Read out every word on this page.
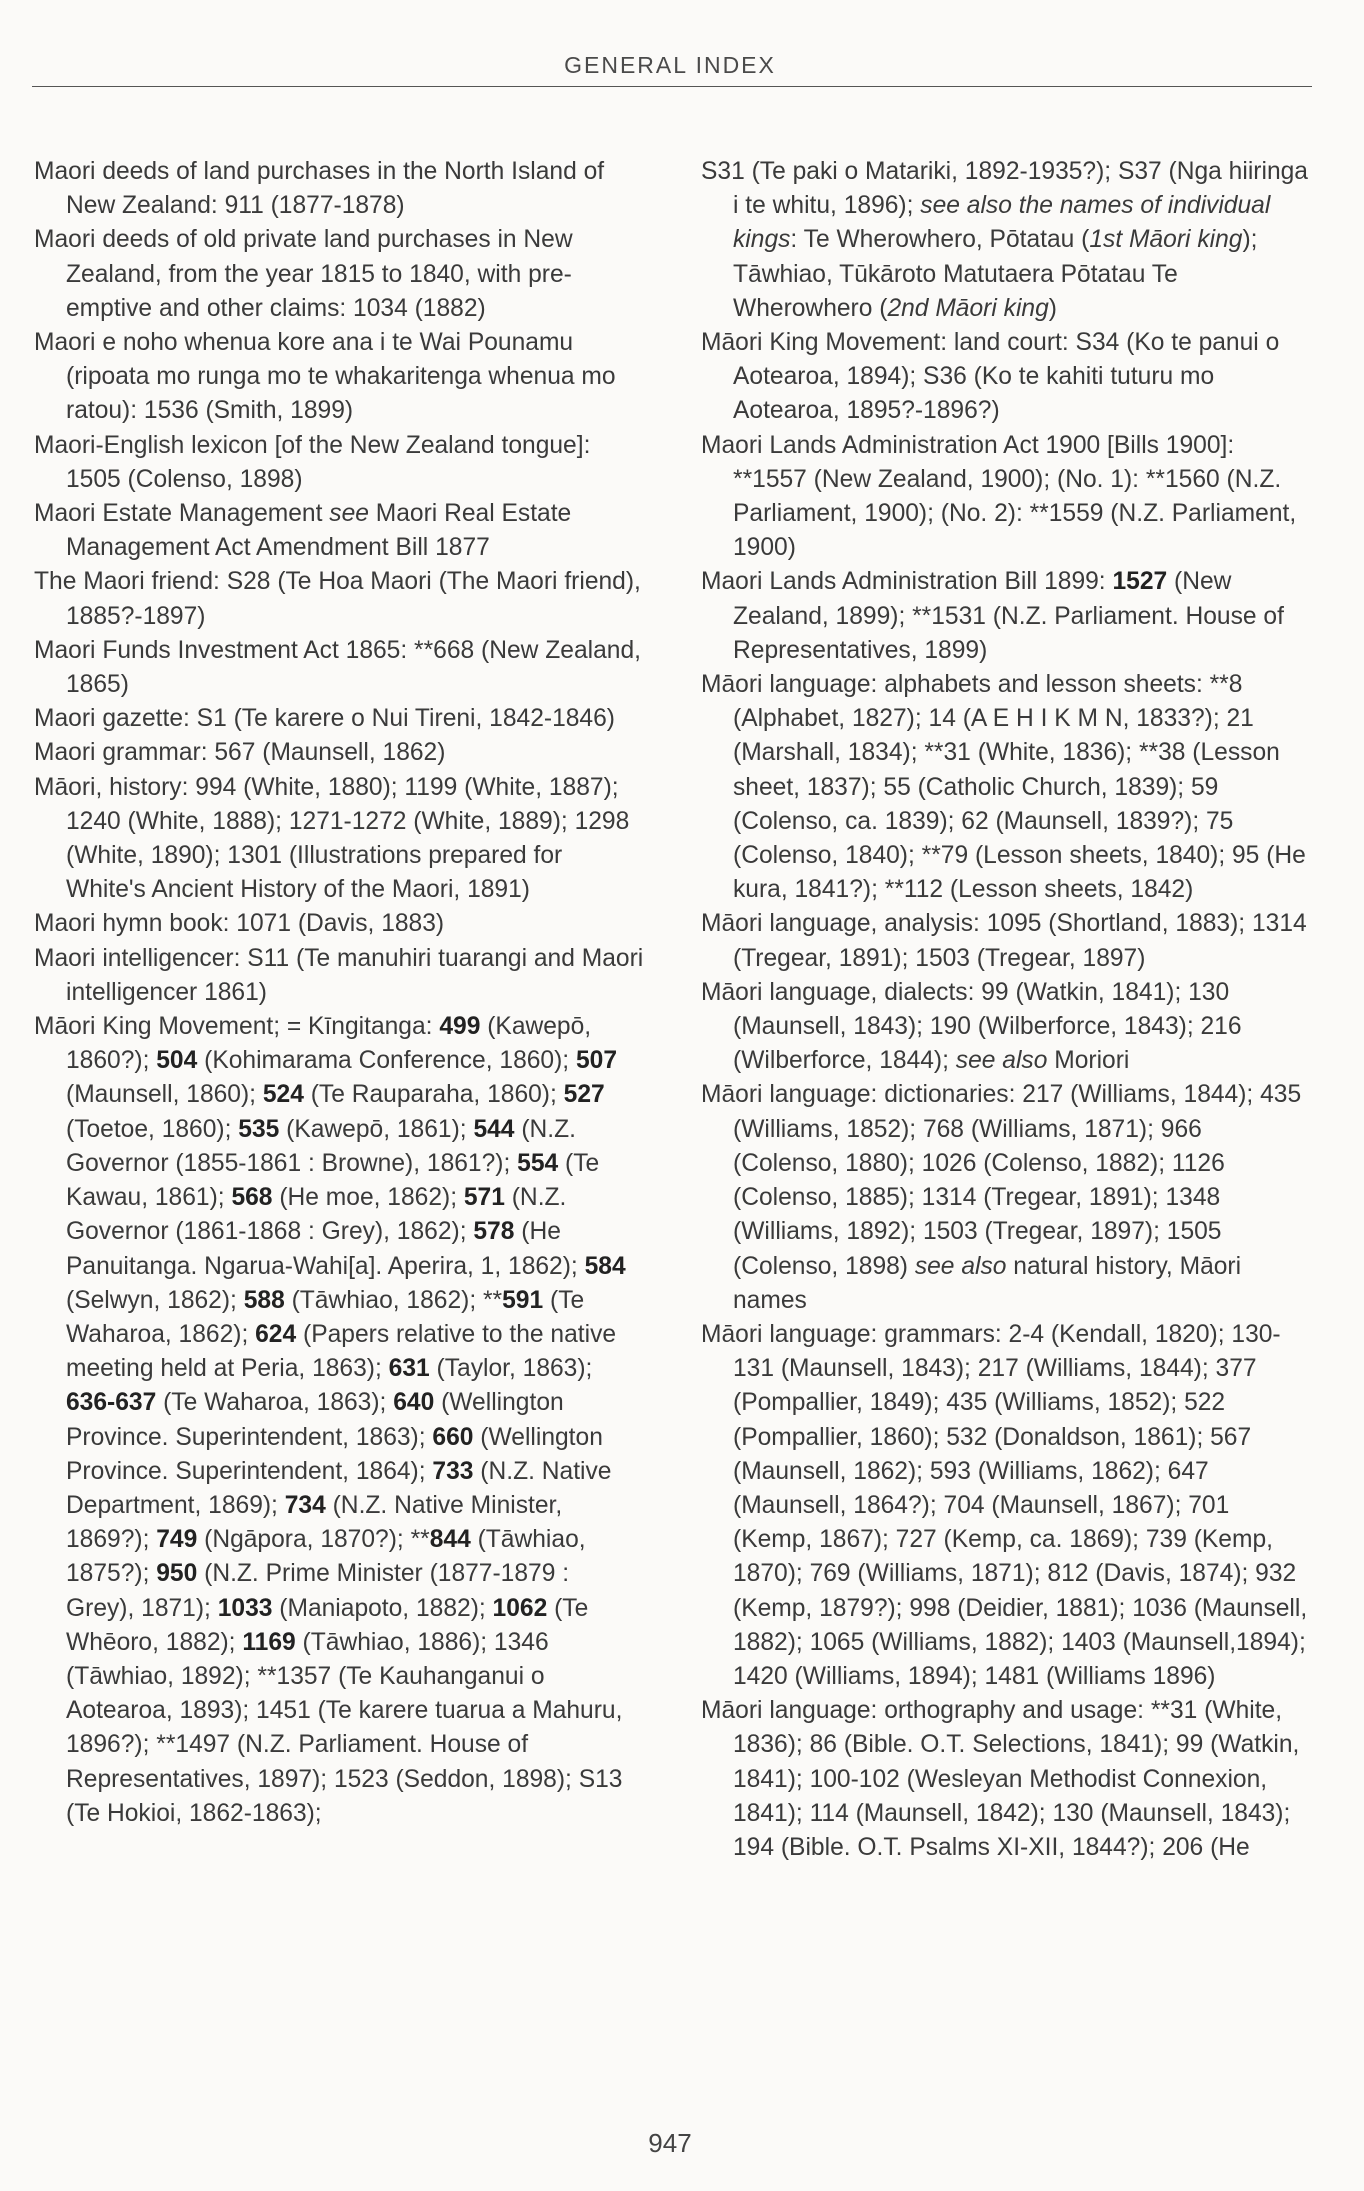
GENERAL INDEX

Maori deeds of land purchases in the North Island of New Zealand: 911 (1877-1878)

Maori deeds of old private land purchases in New Zealand, from the year 1815 to 1840, with pre-emptive and other claims: 1034 (1882)

Maori e noho whenua kore ana i te Wai Pounamu (ripoata mo runga mo te whakaritenga whenua mo ratou): 1536 (Smith, 1899)

Maori-English lexicon [of the New Zealand tongue]: 1505 (Colenso, 1898)

Maori Estate Management see Maori Real Estate Management Act Amendment Bill 1877

The Maori friend: S28 (Te Hoa Maori (The Maori friend), 1885?-1897)

Maori Funds Investment Act 1865: **668 (New Zealand, 1865)

Maori gazette: S1 (Te karere o Nui Tireni, 1842-1846)

Maori grammar: 567 (Maunsell, 1862)

Māori, history: 994 (White, 1880); 1199 (White, 1887); 1240 (White, 1888); 1271-1272 (White, 1889); 1298 (White, 1890); 1301 (Illustrations prepared for White's Ancient History of the Maori, 1891)

Maori hymn book: 1071 (Davis, 1883)

Maori intelligencer: S11 (Te manuhiri tuarangi and Maori intelligencer 1861)

Māori King Movement; = Kīngitanga: 499 (Kawepō, 1860?); 504 (Kohimarama Conference, 1860); 507 (Maunsell, 1860); 524 (Te Rauparaha, 1860); 527 (Toetoe, 1860); 535 (Kawepō, 1861); 544 (N.Z. Governor (1855-1861 : Browne), 1861?); 554 (Te Kawau, 1861); 568 (He moe, 1862); 571 (N.Z. Governor (1861-1868 : Grey), 1862); 578 (He Panuitanga. Ngarua-Wahi[a]. Aperira, 1, 1862); 584 (Selwyn, 1862); 588 (Tāwhiao, 1862); **591 (Te Waharoa, 1862); 624 (Papers relative to the native meeting held at Peria, 1863); 631 (Taylor, 1863); 636-637 (Te Waharoa, 1863); 640 (Wellington Province. Superintendent, 1863); 660 (Wellington Province. Superintendent, 1864); 733 (N.Z. Native Department, 1869); 734 (N.Z. Native Minister, 1869?); 749 (Ngāpora, 1870?); **844 (Tāwhiao, 1875?); 950 (N.Z. Prime Minister (1877-1879 : Grey), 1871); 1033 (Maniapoto, 1882); 1062 (Te Whēoro, 1882); 1169 (Tāwhiao, 1886); 1346 (Tāwhiao, 1892); **1357 (Te Kauhanganui o Aotearoa, 1893); 1451 (Te karere tuarua a Mahuru, 1896?); **1497 (N.Z. Parliament. House of Representatives, 1897); 1523 (Seddon, 1898); S13 (Te Hokioi, 1862-1863);

S31 (Te paki o Matariki, 1892-1935?); S37 (Nga hiiringa i te whitu, 1896); see also the names of individual kings: Te Wherowhero, Pōtatau (1st Māori king); Tāwhiao, Tūkāroto Matutaera Pōtatau Te Wherowhero (2nd Māori king)

Māori King Movement: land court: S34 (Ko te panui o Aotearoa, 1894); S36 (Ko te kahiti tuturu mo Aotearoa, 1895?-1896?)

Maori Lands Administration Act 1900 [Bills 1900]: **1557 (New Zealand, 1900); (No. 1): **1560 (N.Z. Parliament, 1900); (No. 2): **1559 (N.Z. Parliament, 1900)

Maori Lands Administration Bill 1899: 1527 (New Zealand, 1899); **1531 (N.Z. Parliament. House of Representatives, 1899)

Māori language: alphabets and lesson sheets: **8 (Alphabet, 1827); 14 (A E H I K M N, 1833?); 21 (Marshall, 1834); **31 (White, 1836); **38 (Lesson sheet, 1837); 55 (Catholic Church, 1839); 59 (Colenso, ca. 1839); 62 (Maunsell, 1839?); 75 (Colenso, 1840); **79 (Lesson sheets, 1840); 95 (He kura, 1841?); **112 (Lesson sheets, 1842)

Māori language, analysis: 1095 (Shortland, 1883); 1314 (Tregear, 1891); 1503 (Tregear, 1897)

Māori language, dialects: 99 (Watkin, 1841); 130 (Maunsell, 1843); 190 (Wilberforce, 1843); 216 (Wilberforce, 1844); see also Moriori

Māori language: dictionaries: 217 (Williams, 1844); 435 (Williams, 1852); 768 (Williams, 1871); 966 (Colenso, 1880); 1026 (Colenso, 1882); 1126 (Colenso, 1885); 1314 (Tregear, 1891); 1348 (Williams, 1892); 1503 (Tregear, 1897); 1505 (Colenso, 1898) see also natural history, Māori names

Māori language: grammars: 2-4 (Kendall, 1820); 130-131 (Maunsell, 1843); 217 (Williams, 1844); 377 (Pompallier, 1849); 435 (Williams, 1852); 522 (Pompallier, 1860); 532 (Donaldson, 1861); 567 (Maunsell, 1862); 593 (Williams, 1862); 647 (Maunsell, 1864?); 704 (Maunsell, 1867); 701 (Kemp, 1867); 727 (Kemp, ca. 1869); 739 (Kemp, 1870); 769 (Williams, 1871); 812 (Davis, 1874); 932 (Kemp, 1879?); 998 (Deidier, 1881); 1036 (Maunsell, 1882); 1065 (Williams, 1882); 1403 (Maunsell,1894); 1420 (Williams, 1894); 1481 (Williams 1896)

Māori language: orthography and usage: **31 (White, 1836); 86 (Bible. O.T. Selections, 1841); 99 (Watkin, 1841); 100-102 (Wesleyan Methodist Connexion, 1841); 114 (Maunsell, 1842); 130 (Maunsell, 1843); 194 (Bible. O.T. Psalms XI-XII, 1844?); 206 (He

947
